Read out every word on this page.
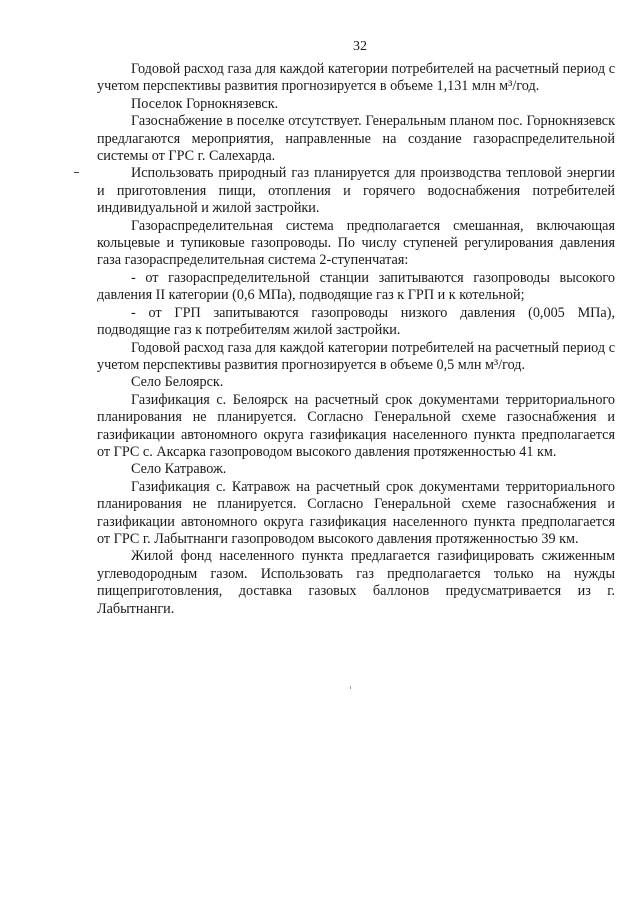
32

Годовой расход газа для каждой категории потребителей на расчетный период с учетом перспективы развития прогнозируется в объеме 1,131 млн м³/год.

Поселок Горнокнязевск.

Газоснабжение в поселке отсутствует. Генеральным планом пос. Горнокнязевск предлагаются мероприятия, направленные на создание газораспределительной системы от ГРС г. Салехарда.

Использовать природный газ планируется для производства тепловой энергии и приготовления пищи, отопления и горячего водоснабжения потребителей индивидуальной и жилой застройки.

Газораспределительная система предполагается смешанная, включающая кольцевые и тупиковые газопроводы. По числу ступеней регулирования давления газа газораспределительная система 2-ступенчатая:

- от газораспределительной станции запитываются газопроводы высокого давления II категории (0,6 МПа), подводящие газ к ГРП и к котельной;

- от ГРП запитываются газопроводы низкого давления (0,005 МПа), подводящие газ к потребителям жилой застройки.

Годовой расход газа для каждой категории потребителей на расчетный период с учетом перспективы развития прогнозируется в объеме 0,5 млн м³/год.

Село Белоярск.

Газификация с. Белоярск на расчетный срок документами территориального планирования не планируется. Согласно Генеральной схеме газоснабжения и газификации автономного округа газификация населенного пункта предполагается от ГРС с. Аксарка газопроводом высокого давления протяженностью 41 км.

Село Катравож.

Газификация с. Катравож на расчетный срок документами территориального планирования не планируется. Согласно Генеральной схеме газоснабжения и газификации автономного округа газификация населенного пункта предполагается от ГРС г. Лабытнанги газопроводом высокого давления протяженностью 39 км.

Жилой фонд населенного пункта предлагается газифицировать сжиженным углеводородным газом. Использовать газ предполагается только на нужды пищеприготовления, доставка газовых баллонов предусматривается из г. Лабытнанги.
